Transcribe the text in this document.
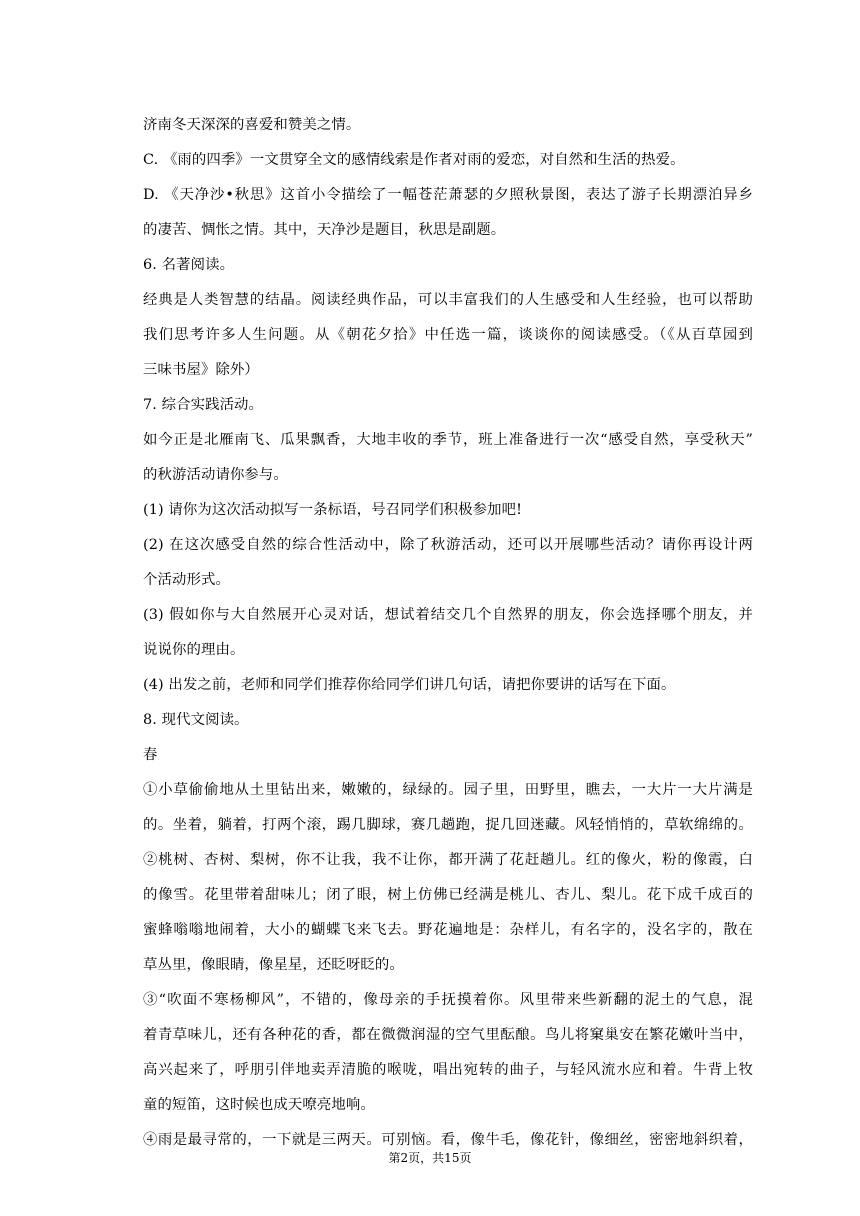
济南冬天深深的喜爱和赞美之情。
C. 《雨的四季》一文贯穿全文的感情线索是作者对雨的爱恋，对自然和生活的热爱。
D. 《天净沙•秋思》这首小令描绘了一幅苍茫萧瑟的夕照秋景图，表达了游子长期漂泊异乡
的凄苦、惆怅之情。其中，天净沙是题目，秋思是副题。
6. 名著阅读。
经典是人类智慧的结晶。阅读经典作品，可以丰富我们的人生感受和人生经验，也可以帮助
我们思考许多人生问题。从《朝花夕拾》中任选一篇，谈谈你的阅读感受。（《从百草园到
三味书屋》除外）
7. 综合实践活动。
如今正是北雁南飞、瓜果飘香，大地丰收的季节，班上准备进行一次“感受自然，享受秋天”
的秋游活动请你参与。
(1) 请你为这次活动拟写一条标语，号召同学们积极参加吧!
(2) 在这次感受自然的综合性活动中，除了秋游活动，还可以开展哪些活动？请你再设计两
个活动形式。
(3) 假如你与大自然展开心灵对话，想试着结交几个自然界的朋友，你会选择哪个朋友，并
说说你的理由。
(4) 出发之前，老师和同学们推荐你给同学们讲几句话，请把你要讲的话写在下面。
8. 现代文阅读。
春
①小草偷偷地从土里钻出来，嫩嫩的，绿绿的。园子里，田野里，瞧去，一大片一大片满是
的。坐着，躺着，打两个滚，踢几脚球，赛几趟跑，捉几回迷藏。风轻悄悄的，草软绵绵的。
②桃树、杏树、梨树，你不让我，我不让你，都开满了花赶趟儿。红的像火，粉的像霞，白
的像雪。花里带着甜味儿；闭了眼，树上仿佛已经满是桃儿、杏儿、梨儿。花下成千成百的
蜜蜂嗡嗡地闹着，大小的蝴蝶飞来飞去。野花遍地是：杂样儿，有名字的，没名字的，散在
草丛里，像眼睛，像星星，还眨呀眨的。
③“吹面不寒杨柳风”，不错的，像母亲的手抚摸着你。风里带来些新翻的泥土的气息，混
着青草味儿，还有各种花的香，都在微微润湿的空气里酝酿。鸟儿将窠巢安在繁花嫩叶当中，
高兴起来了，呼朋引伴地卖弄清脆的喉咙，唱出宛转的曲子，与轻风流水应和着。牛背上牧
童的短笛，这时候也成天嘹亮地响。
④雨是最寻常的，一下就是三两天。可别恼。看，像牛毛，像花针，像细丝，密密地斜织着，
第2页，共15页
